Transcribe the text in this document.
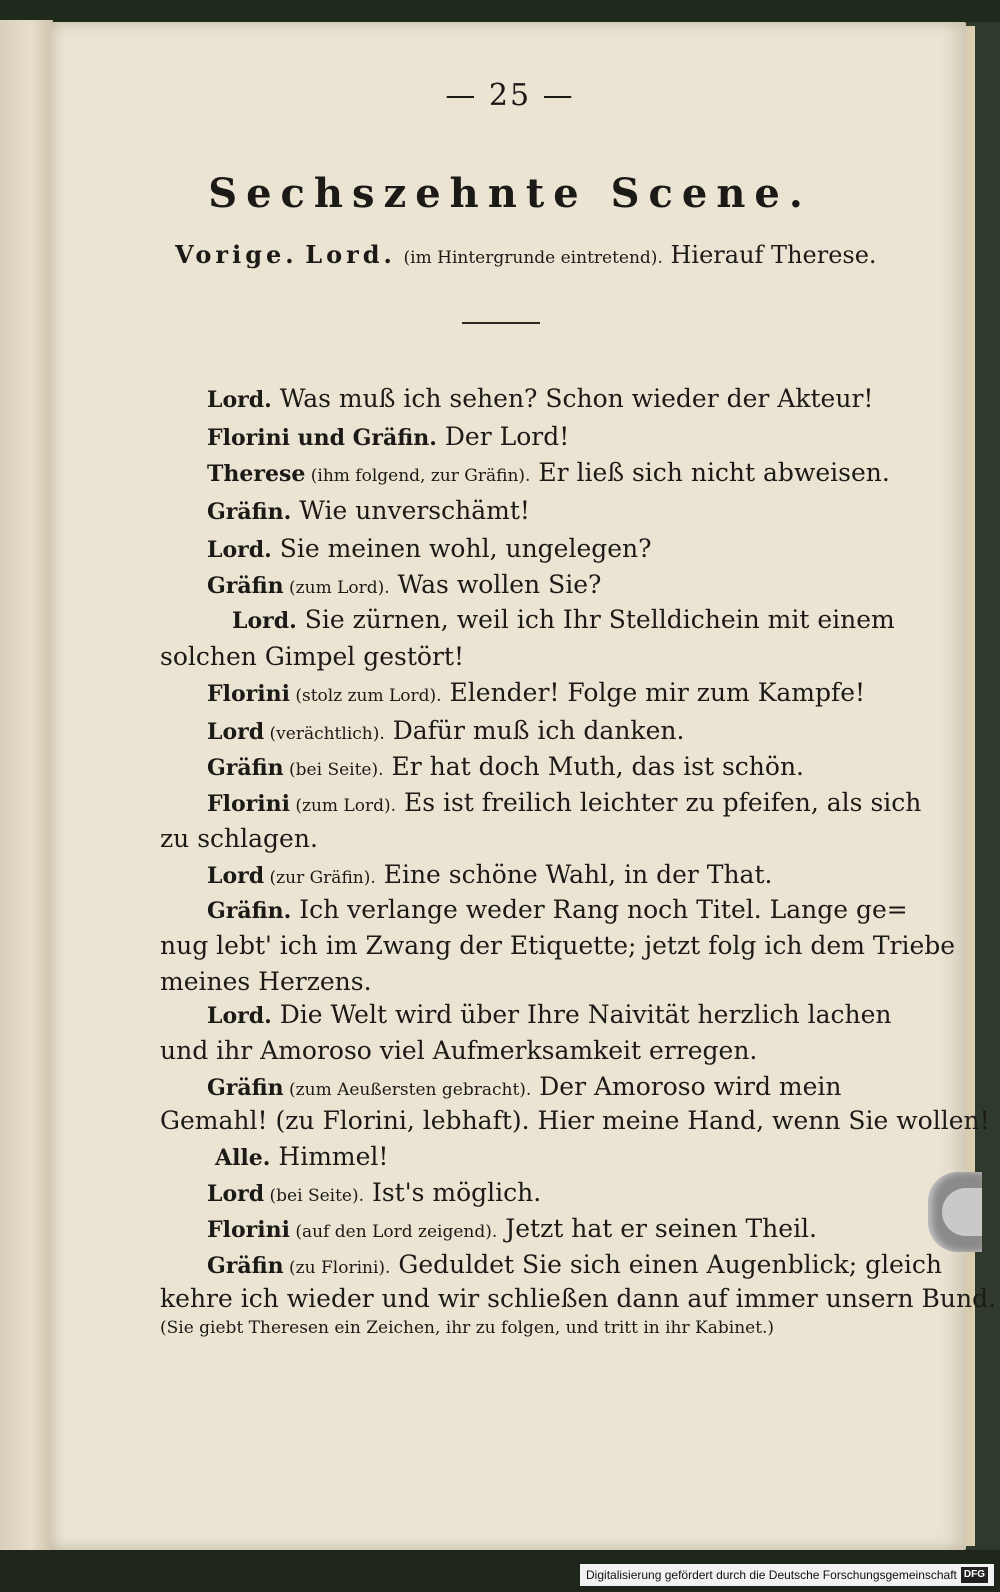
— 25 —
Sechszehnte Scene.
Vorige. Lord. (im Hintergrunde eintretend). Hierauf Therese.
Lord. Was muß ich sehen? Schon wieder der Akteur!
Florini und Gräfin. Der Lord!
Therese (ihm folgend, zur Gräfin). Er ließ sich nicht abweisen.
Gräfin. Wie unverschämt!
Lord. Sie meinen wohl, ungelegen?
Gräfin (zum Lord). Was wollen Sie?
Lord. Sie zürnen, weil ich Ihr Stelldichein mit einem
solchen Gimpel gestört!
Florini (stolz zum Lord). Elender! Folge mir zum Kampfe!
Lord (verächtlich). Dafür muß ich danken.
Gräfin (bei Seite). Er hat doch Muth, das ist schön.
Florini (zum Lord). Es ist freilich leichter zu pfeifen, als sich
zu schlagen.
Lord (zur Gräfin). Eine schöne Wahl, in der That.
Gräfin. Ich verlange weder Rang noch Titel. Lange ge=
nug lebt' ich im Zwang der Etiquette; jetzt folg ich dem Triebe
meines Herzens.
Lord. Die Welt wird über Ihre Naivität herzlich lachen
und ihr Amoroso viel Aufmerksamkeit erregen.
Gräfin (zum Aeußersten gebracht). Der Amoroso wird mein
Gemahl! (zu Florini, lebhaft). Hier meine Hand, wenn Sie wollen!
Alle. Himmel!
Lord (bei Seite). Ist's möglich.
Florini (auf den Lord zeigend). Jetzt hat er seinen Theil.
Gräfin (zu Florini). Geduldet Sie sich einen Augenblick; gleich
kehre ich wieder und wir schließen dann auf immer unsern Bund.
(Sie giebt Theresen ein Zeichen, ihr zu folgen, und tritt in ihr Kabinet.)
Digitalisierung gefördert durch die Deutsche Forschungsgemeinschaft DFG
